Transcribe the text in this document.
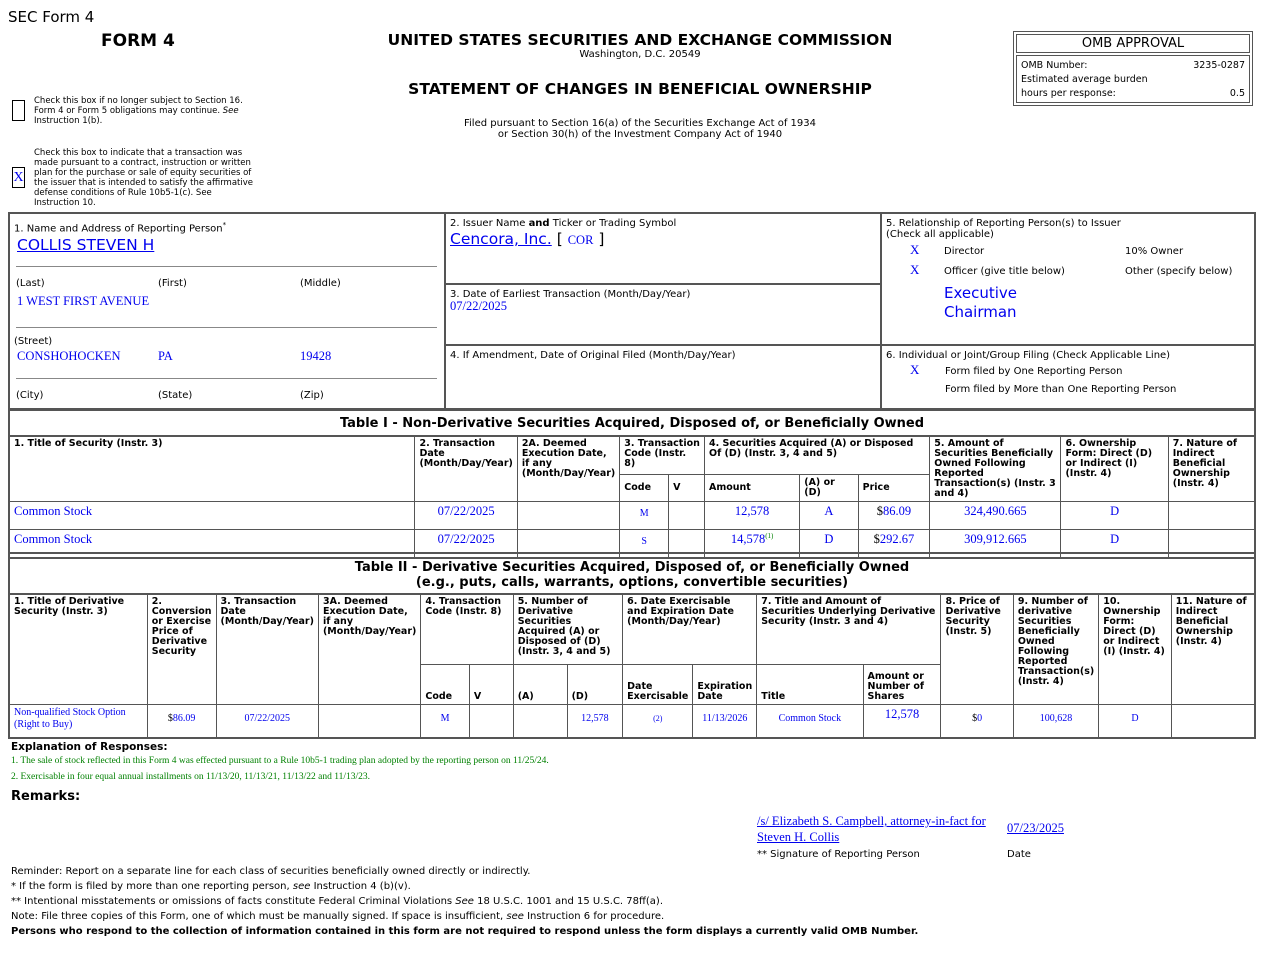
SEC Form 4
FORM 4	UNITED STATES SECURITIES AND EXCHANGE COMMISSION
Washington, D.C. 20549
STATEMENT OF CHANGES IN BENEFICIAL OWNERSHIP
Filed pursuant to Section 16(a) of the Securities Exchange Act of 1934
or Section 30(h) of the Investment Company Act of 1940
OMB APPROVAL
OMB Number:	3235-0287
Estimated average burden
hours per response:	0.5
Check this box if no longer subject to Section 16.
Form 4 or Form 5 obligations may continue. See
Instruction 1(b).
X
Check this box to indicate that a transaction was
made pursuant to a contract, instruction or written
plan for the purchase or sale of equity securities of
the issuer that is intended to satisfy the affirmative
defense conditions of Rule 10b5-1(c). See
Instruction 10.
1. Name and Address of Reporting Person*
COLLIS STEVEN H
(Last)	(First)	(Middle)
1 WEST FIRST AVENUE
(Street)
CONSHOHOCKEN	PA	19428
(City)	(State)	(Zip)
2. Issuer Name and Ticker or Trading Symbol
Cencora, Inc. [ COR ]
3. Date of Earliest Transaction (Month/Day/Year)
07/22/2025
4. If Amendment, Date of Original Filed (Month/Day/Year)
5. Relationship of Reporting Person(s) to Issuer
(Check all applicable)
X Director	10% Owner
X Officer (give title below)	Other (specify below)
Executive
Chairman
6. Individual or Joint/Group Filing (Check Applicable Line)
X	Form filed by One Reporting Person
Form filed by More than One Reporting Person
Table I - Non-Derivative Securities Acquired, Disposed of, or Beneficially Owned
1. Title of Security (Instr. 3)	2. Transaction Date (Month/Day/Year)	2A. Deemed Execution Date, if any (Month/Day/Year)	3. Transaction Code (Instr. 8)		4. Securities Acquired (A) or Disposed Of (D) (Instr. 3, 4 and 5)			5. Amount of Securities Beneficially Owned Following Reported Transaction(s) (Instr. 3 and 4)	6. Ownership Form: Direct (D) or Indirect (I) (Instr. 4)	7. Nature of Indirect Beneficial Ownership (Instr. 4)
			Code	V	Amount	(A) or (D)	Price			
Common Stock	07/22/2025		M		12,578	A	$86.09	324,490.665	D	
Common Stock	07/22/2025		S		14,578$^{(1)}$	D	$292.67	309,912.665	D	
Table II - Derivative Securities Acquired, Disposed of, or Beneficially Owned
(e.g., puts, calls, warrants, options, convertible securities)
1. Title of Derivative Security (Instr. 3)	2. Conversion or Exercise Price of Derivative Security	3. Transaction Date (Month/Day/Year)	3A. Deemed Execution Date, if any (Month/Day/Year)	4. Transaction Code (Instr. 8)		5. Number of Derivative Securities Acquired (A) or Disposed of (D) (Instr. 3, 4 and 5)		6. Date Exercisable and Expiration Date (Month/Day/Year)		7. Title and Amount of Securities Underlying Derivative Security (Instr. 3 and 4)		8. Price of Derivative Security (Instr. 5)	9. Number of derivative Securities Beneficially Owned Following Reported Transaction(s) (Instr. 4)	10. Ownership Form: Direct (D) or Indirect (I) (Instr. 4)	11. Nature of Indirect Beneficial Ownership (Instr. 4)
				Code	V	(A)	(D)	Date Exercisable	Expiration Date	Title	Amount or Number of Shares				
Non-qualified Stock Option (Right to Buy)	$86.09	07/22/2025		M			12,578	(2)	11/13/2026	Common Stock	12,578	$0	100,628	D	
Explanation of Responses:
1. The sale of stock reflected in this Form 4 was effected pursuant to a Rule 10b5-1 trading plan adopted by the reporting person on 11/25/24.
2. Exercisable in four equal annual installments on 11/13/20, 11/13/21, 11/13/22 and 11/13/23.
Remarks:
/s/ Elizabeth S. Campbell, attorney-in-fact for
Steven H. Collis
07/23/2025
** Signature of Reporting Person	Date
Reminder: Report on a separate line for each class of securities beneficially owned directly or indirectly.
* If the form is filed by more than one reporting person, see Instruction 4 (b)(v).
** Intentional misstatements or omissions of facts constitute Federal Criminal Violations See 18 U.S.C. 1001 and 15 U.S.C. 78ff(a).
Note: File three copies of this Form, one of which must be manually signed. If space is insufficient, see Instruction 6 for procedure.
Persons who respond to the collection of information contained in this form are not required to respond unless the form displays a currently valid OMB Number.
